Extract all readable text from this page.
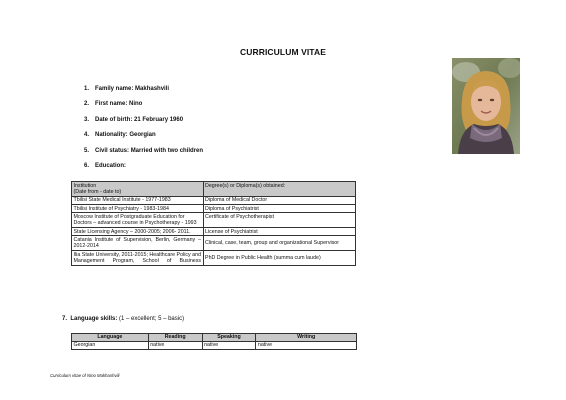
CURRICULUM VITAE
1. Family name:
Makhashvili
2. First name:
Nino
3. Date of birth:
21 February 1960
4. Nationality:
Georgian
5. Civil status:
Married with two children
6. Education:

Institution
(Date from - date to)	Degree(s) or Diploma(s) obtained:
Tbilisi State Medical Institute - 1977-1983	Diploma of Medical Doctor
Tbilisi Institute of Psychiatry - 1983-1984	Diploma of Psychiatrist
Moscow Institute of Postgraduate Education for Doctors – advanced course in Psychotherapy - 1993	Certificate of Psychotherapist
State Licensing Agency – 2000-2005; 2006- 2011.	License of Psychiatrist
Catania Institute of Supervision, Berlin, Germany – 2012-2014	Clinical, case, team, group and organizational Supervisor
Ilia State University, 2011-2015; Healthcare Policy and Management Program, School of Business	PhD Degree in Public Health (summa cum laude)
7. Language skills: (1 – excellent; 5 – basic)
Language	Reading	Speaking	Writing
Georgian	native	native	native
Curriculum vitae of Nino Makhashvili
